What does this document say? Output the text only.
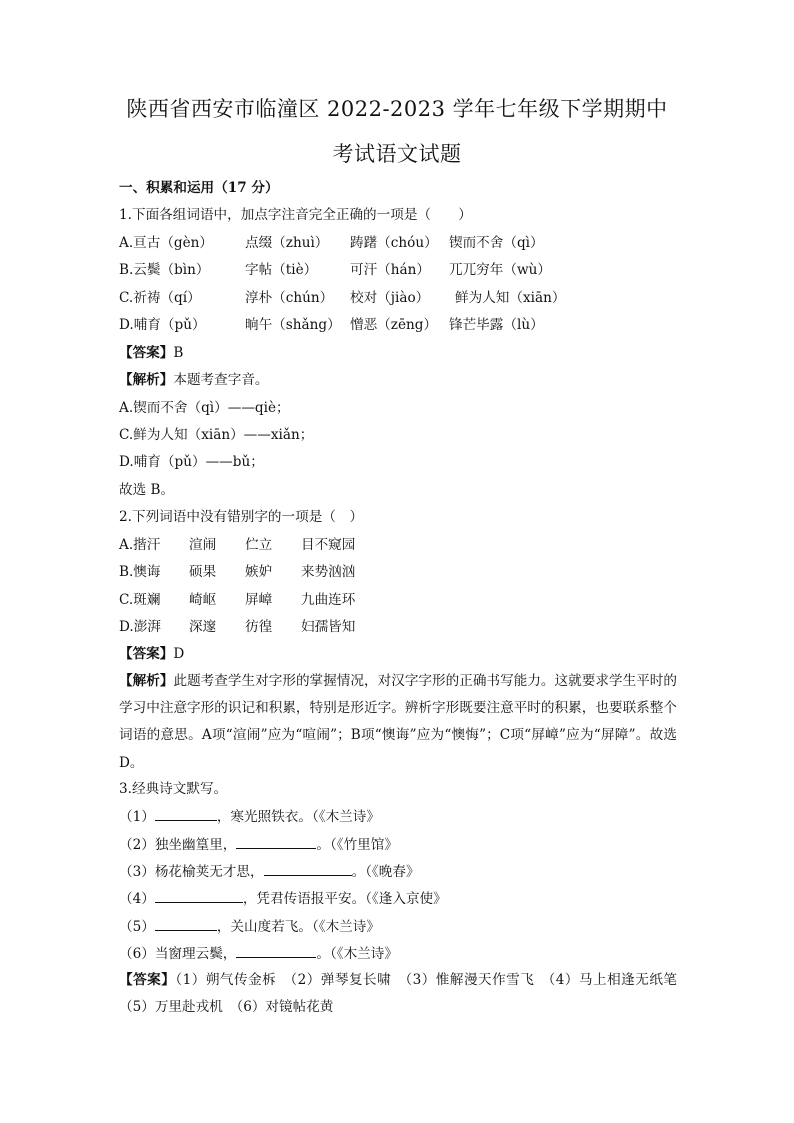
陕西省西安市临潼区 2022-2023 学年七年级下学期期中
考试语文试题
一、积累和运用（17 分）
1.下面各组词语中，加点字注音完全正确的一项是（　　）
A.亘古（gèn） 点缀（zhuì） 踌躇（chóu） 锲而不舍（qì）
B.云鬓（bìn）	字帖（tiè） 可汗（hán） 兀兀穷年（wù）
C.祈祷（qí）	淳朴（chún） 校对（jiào） 鲜为人知（xiān）
D.哺育（pǔ）	晌午（shǎng） 憎恶（zēng） 锋芒毕露（lù）
【答案】B
【解析】本题考查字音。
A.锲而不舍（qì）——qiè；
C.鲜为人知（xiān）——xiǎn；
D.哺育（pǔ）——bǔ；
故选 B。
2.下列词语中没有错别字的一项是（　）
A.揩汗 渲闹 伫立 目不窥园
B.懊诲 硕果 嫉妒 来势汹汹
C.斑斓 崎岖 屏嶂 九曲连环
D.澎湃 深邃 彷徨 妇孺皆知
【答案】D
【解析】此题考查学生对字形的掌握情况，对汉字字形的正确书写能力。这就要求学生平时的学习中注意字形的识记和积累，特别是形近字。辨析字形既要注意平时的积累，也要联系整个词语的意思。A项“渲闹”应为“喧闹”；B项“懊诲”应为“懊悔”；C项“屏嶂”应为“屏障”。故选 D。
3.经典诗文默写。
（1）	，寒光照铁衣。（《木兰诗》
（2）独坐幽篁里，	。（《竹里馆》
（3）杨花榆荚无才思，	。（《晚春》
（4）	，凭君传语报平安。（《逢入京使》
（5）	，关山度若飞。（《木兰诗》
（6）当窗理云鬓，	。（《木兰诗》
【答案】（1）朔气传金柝　（2）弹琴复长啸　（3）惟解漫天作雪飞　（4）马上相逢无纸笔　（5）万里赴戎机　（6）对镜帖花黄
